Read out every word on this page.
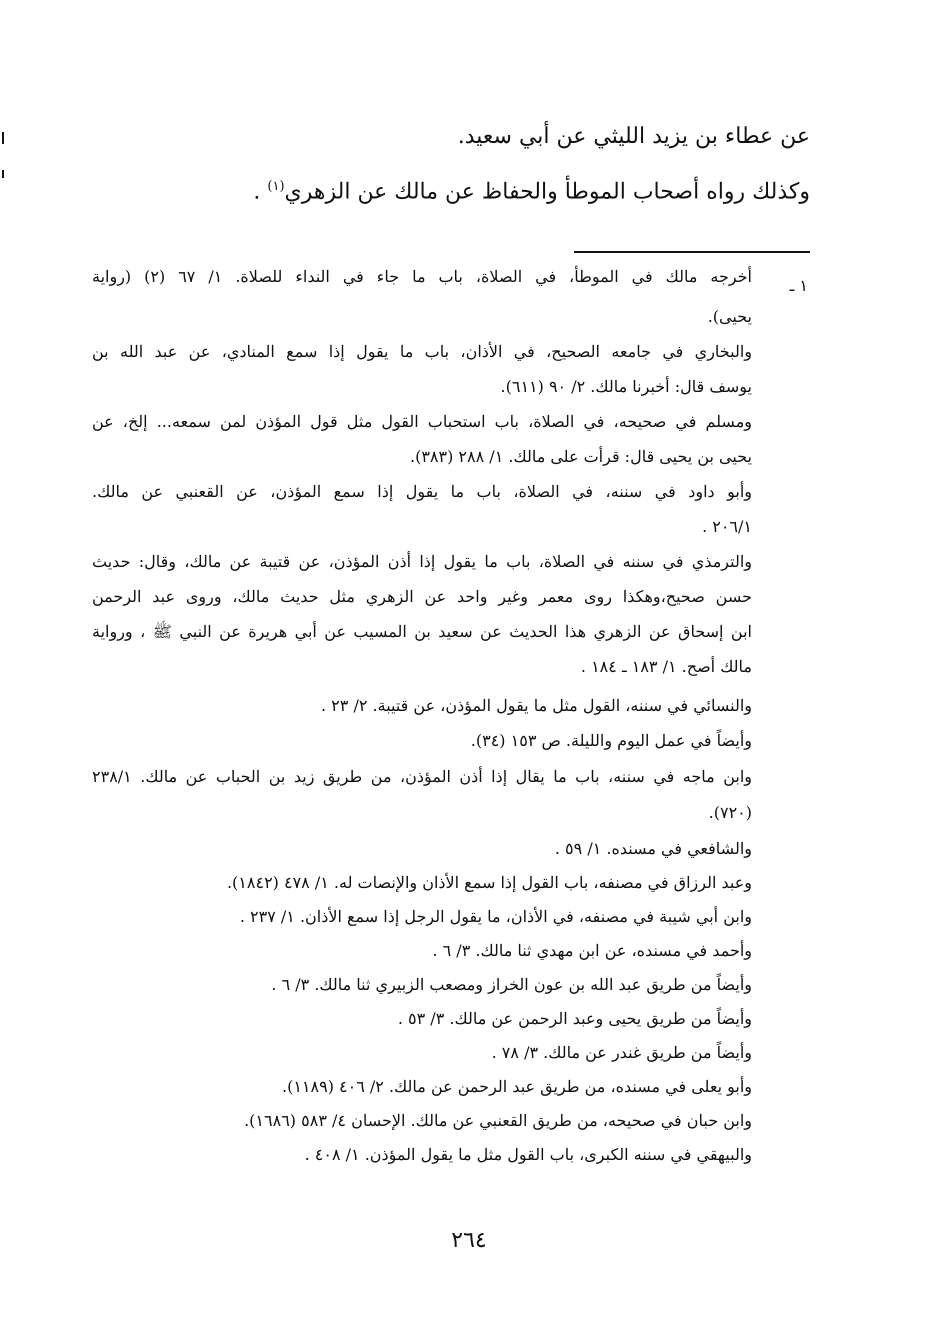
عن عطاء بن يزيد الليثي عن أبي سعيد.
وكذلك رواه أصحاب الموطأ والحفاظ عن مالك عن الزهري$^{(١)}$ .
١ ـ
أخرجه مالك في الموطأ، في الصلاة، باب ما جاء في النداء للصلاة. ١/ ٦٧ (٢) (رواية
يحيى).
والبخاري في جامعه الصحيح، في الأذان، باب ما يقول إذا سمع المنادي، عن عبد الله بن
يوسف قال: أخبرنا مالك. ٢/ ٩٠ (٦١١).
ومسلم في صحيحه، في الصلاة، باب استحباب القول مثل قول المؤذن لمن سمعه... إلخ، عن
يحيى بن يحيى قال: قرأت على مالك. ١/ ٢٨٨ (٣٨٣).
وأبو داود في سننه، في الصلاة، باب ما يقول إذا سمع المؤذن، عن القعنبي عن مالك.
٢٠٦/١ .
والترمذي في سننه في الصلاة، باب ما يقول إذا أذن المؤذن، عن قتيبة عن مالك، وقال: حديث
حسن صحيح،وهكذا روى معمر وغير واحد عن الزهري مثل حديث مالك، وروى عبد الرحمن
ابن إسحاق عن الزهري هذا الحديث عن سعيد بن المسيب عن أبي هريرة عن النبي ﷺ ، ورواية
مالك أصح. ١/ ١٨٣ ـ ١٨٤ .
والنسائي في سننه، القول مثل ما يقول المؤذن، عن قتيبة. ٢/ ٢٣ .
وأيضاً في عمل اليوم والليلة. ص ١٥٣ (٣٤).
وابن ماجه في سننه، باب ما يقال إذا أذن المؤذن، من طريق زيد بن الحباب عن مالك. ٢٣٨/١
(٧٢٠).
والشافعي في مسنده. ١/ ٥٩ .
وعبد الرزاق في مصنفه، باب القول إذا سمع الأذان والإنصات له. ١/ ٤٧٨ (١٨٤٢).
وابن أبي شيبة في مصنفه، في الأذان، ما يقول الرجل إذا سمع الأذان. ١/ ٢٣٧ .
وأحمد في مسنده، عن ابن مهدي ثنا مالك. ٣/ ٦ .
وأيضاً من طريق عبد الله بن عون الخراز ومصعب الزبيري ثنا مالك. ٣/ ٦ .
وأيضاً من طريق يحيى وعبد الرحمن عن مالك. ٣/ ٥٣ .
وأيضاً من طريق غندر عن مالك. ٣/ ٧٨ .
وأبو يعلى في مسنده، من طريق عبد الرحمن عن مالك. ٢/ ٤٠٦ (١١٨٩).
وابن حبان في صحيحه، من طريق القعنبي عن مالك. الإحسان ٤/ ٥٨٣ (١٦٨٦).
والبيهقي في سننه الكبرى، باب القول مثل ما يقول المؤذن. ١/ ٤٠٨ .
٢٦٤
